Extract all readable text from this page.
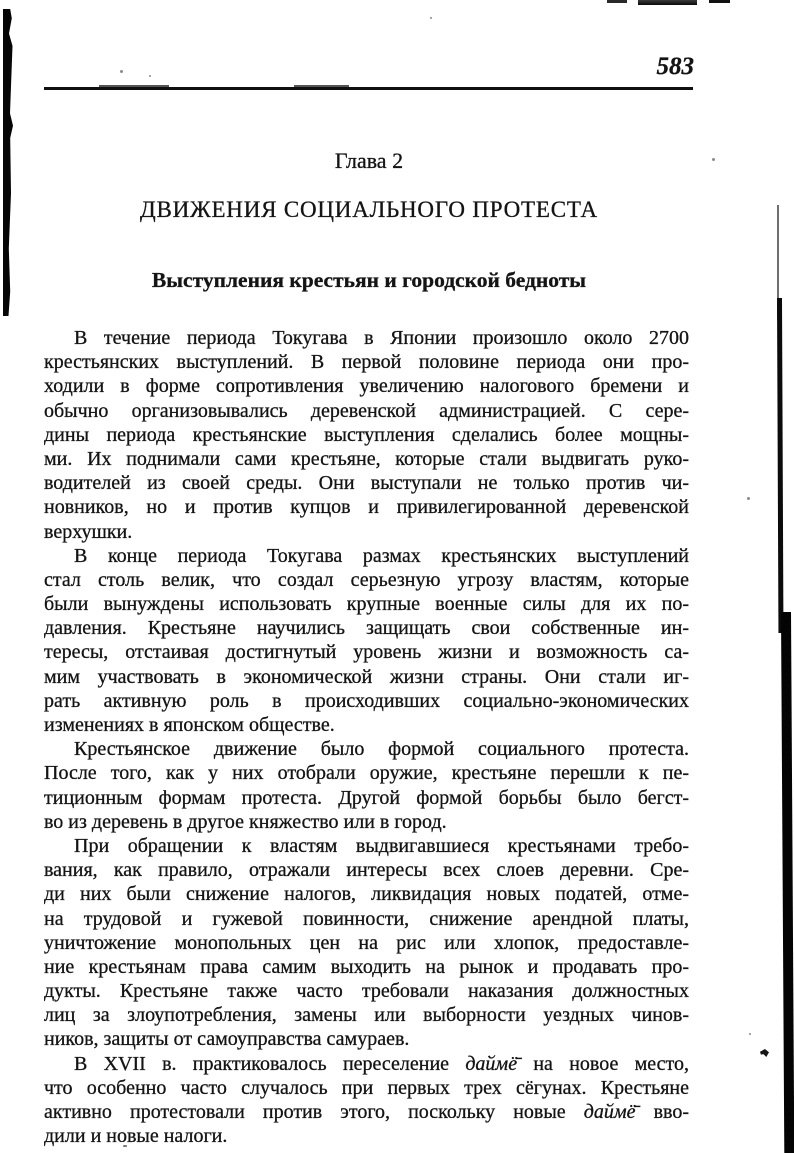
583
Глава 2
ДВИЖЕНИЯ СОЦИАЛЬНОГО ПРОТЕСТА
Выступления крестьян и городской бедноты
В течение периода Токугава в Японии произошло около 2700
крестьянских выступлений. В первой половине периода они про-
ходили в форме сопротивления увеличению налогового бремени и
обычно организовывались деревенской администрацией. С сере-
дины периода крестьянские выступления сделались более мощны-
ми. Их поднимали сами крестьяне, которые стали выдвигать руко-
водителей из своей среды. Они выступали не только против чи-
новников, но и против купцов и привилегированной деревенской
верхушки.
В конце периода Токугава размах крестьянских выступлений
стал столь велик, что создал серьезную угрозу властям, которые
были вынуждены использовать крупные военные силы для их по-
давления. Крестьяне научились защищать свои собственные ин-
тересы, отстаивая достигнутый уровень жизни и возможность са-
мим участвовать в экономической жизни страны. Они стали иг-
рать активную роль в происходивших социально-экономических
изменениях в японском обществе.
Крестьянское движение было формой социального протеста.
После того, как у них отобрали оружие, крестьяне перешли к пе-
тиционным формам протеста. Другой формой борьбы было бегст-
во из деревень в другое княжество или в город.
При обращении к властям выдвигавшиеся крестьянами требо-
вания, как правило, отражали интересы всех слоев деревни. Сре-
ди них были снижение налогов, ликвидация новых податей, отме-
на трудовой и гужевой повинности, снижение арендной платы,
уничтожение монопольных цен на рис или хлопок, предоставле-
ние крестьянам права самим выходить на рынок и продавать про-
дукты. Крестьяне также часто требовали наказания должностных
лиц за злоупотребления, замены или выборности уездных чинов-
ников, защиты от самоуправства самураев.
В XVII в. практиковалось переселение даймё̄ на новое место,
что особенно часто случалось при первых трех сёгунах. Крестьяне
активно протестовали против этого, поскольку новые даймё̄ вво-
дили и новые налоги.
